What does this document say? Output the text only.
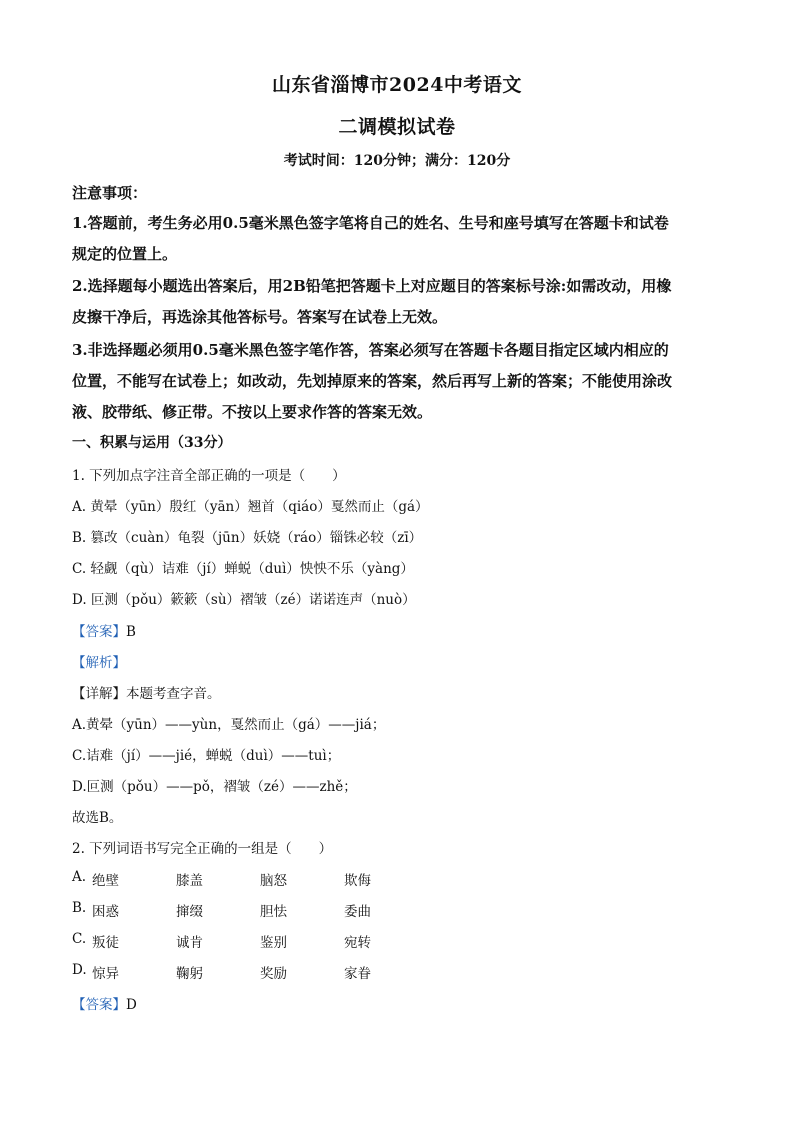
山东省淄博市2024中考语文
二调模拟试卷
考试时间：120分钟；满分：120分
注意事项：
1.答题前，考生务必用0.5毫米黑色签字笔将自己的姓名、生号和座号填写在答题卡和试卷
规定的位置上。
2.选择题每小题选出答案后，用2B铅笔把答题卡上对应题目的答案标号涂:如需改动，用橡
皮擦干净后，再选涂其他答标号。答案写在试卷上无效。
3.非选择题必须用0.5毫米黑色签字笔作答，答案必须写在答题卡各题目指定区域内相应的
位置，不能写在试卷上；如改动，先划掉原来的答案，然后再写上新的答案；不能使用涂改
液、胶带纸、修正带。不按以上要求作答的答案无效。
一、积累与运用（33分）
1. 下列加点字注音全部正确的一项是（　　）
A. 黄晕（yūn）殷红（yān）翘首（qiáo）戛然而止（gá）
B. 篡改（cuàn）龟裂（jūn）妖娆（ráo）锱铢必较（zī）
C. 轻觑（qù）诘难（jí）蝉蜕（duì）怏怏不乐（yàng）
D. 叵测（pǒu）簌簌（sù）褶皱（zé）诺诺连声（nuò）
【答案】B
【解析】
【详解】本题考查字音。
A.黄晕（yūn）——yùn，戛然而止（gá）——jiá；
C.诘难（jí）——jié，蝉蜕（duì）——tuì；
D.叵测（pǒu）——pǒ，褶皱（zé）——zhě；
故选B。
2. 下列词语书写完全正确的一组是（　　）
A. 绝壁	膝盖	脑怒	欺侮
B. 困惑	撺缀	胆怯	委曲
C. 叛徒	诚肯	鉴别	宛转
D. 惊异	鞠躬	奖励	家眷
【答案】D
